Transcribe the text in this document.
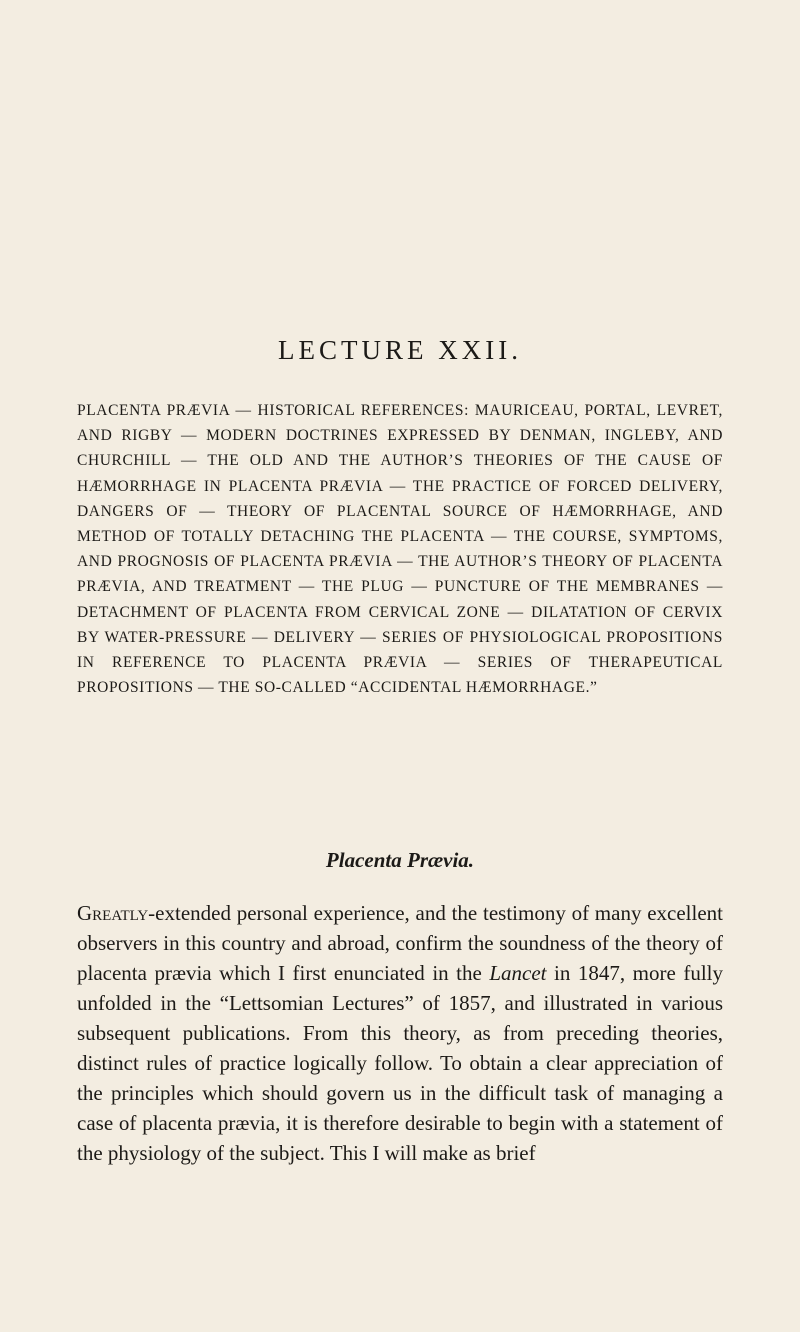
LECTURE XXII.

PLACENTA PRÆVIA — HISTORICAL REFERENCES: MAURICEAU, PORTAL, LEVRET, AND RIGBY — MODERN DOCTRINES EXPRESSED BY DENMAN, INGLEBY, AND CHURCHILL — THE OLD AND THE AUTHOR’S THEORIES OF THE CAUSE OF HÆMORRHAGE IN PLACENTA PRÆVIA — THE PRACTICE OF FORCED DELIVERY, DANGERS OF — THEORY OF PLACENTAL SOURCE OF HÆMORRHAGE, AND METHOD OF TOTALLY DETACHING THE PLACENTA — THE COURSE, SYMPTOMS, AND PROGNOSIS OF PLACENTA PRÆVIA — THE AUTHOR’S THEORY OF PLACENTA PRÆVIA, AND TREATMENT — THE PLUG — PUNCTURE OF THE MEMBRANES — DETACHMENT OF PLACENTA FROM CERVICAL ZONE — DILATATION OF CERVIX BY WATER-PRESSURE — DELIVERY — SERIES OF PHYSIOLOGICAL PROPOSITIONS IN REFERENCE TO PLACENTA PRÆVIA — SERIES OF THERAPEUTICAL PROPOSITIONS — THE SO-CALLED “ACCIDENTAL HÆMORRHAGE.”

Placenta Prævia.

Greatly-extended personal experience, and the testimony of many excellent observers in this country and abroad, confirm the soundness of the theory of placenta prævia which I first enunciated in the Lancet in 1847, more fully unfolded in the “Lettsomian Lectures” of 1857, and illustrated in various subsequent publications. From this theory, as from preceding theories, distinct rules of practice logically follow. To obtain a clear appreciation of the principles which should govern us in the difficult task of managing a case of placenta prævia, it is therefore desirable to begin with a statement of the physiology of the subject. This I will make as brief
